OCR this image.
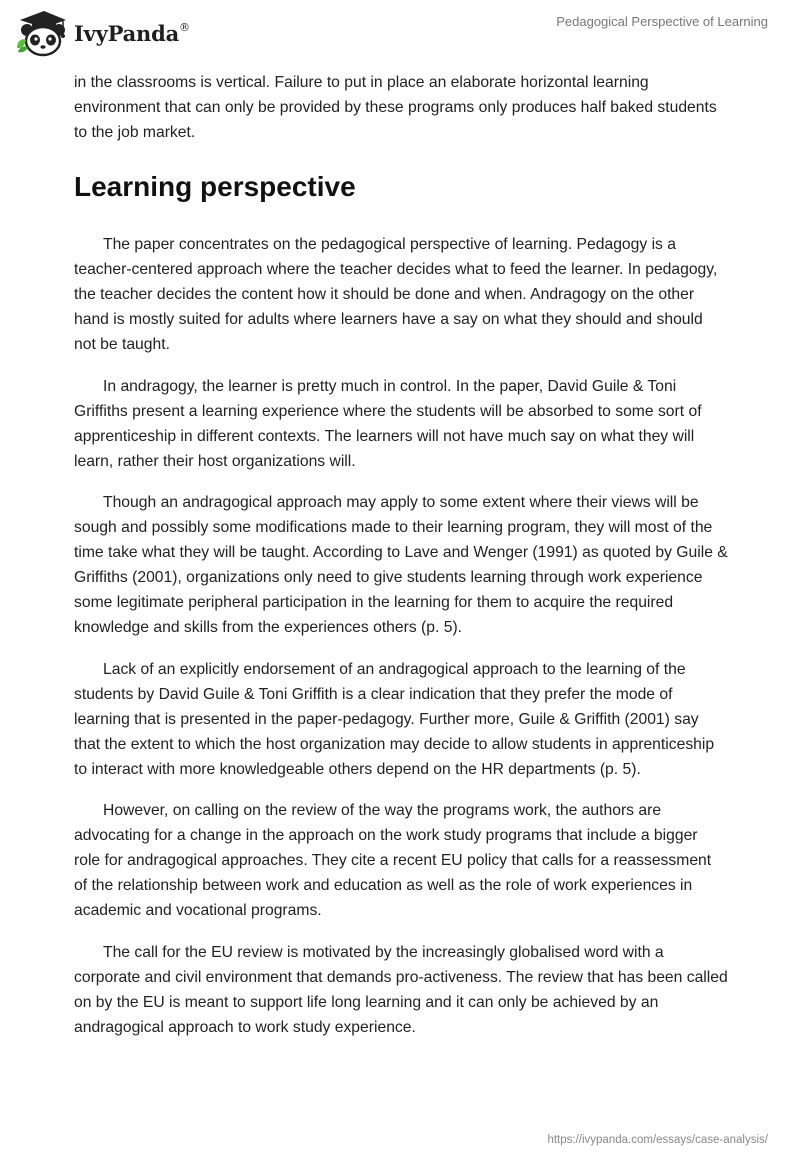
IvyPanda®	Pedagogical Perspective of Learning

in the classrooms is vertical. Failure to put in place an elaborate horizontal learning environment that can only be provided by these programs only produces half baked students to the job market.

Learning perspective

The paper concentrates on the pedagogical perspective of learning. Pedagogy is a teacher-centered approach where the teacher decides what to feed the learner. In pedagogy, the teacher decides the content how it should be done and when. Andragogy on the other hand is mostly suited for adults where learners have a say on what they should and should not be taught.

In andragogy, the learner is pretty much in control. In the paper, David Guile & Toni Griffiths present a learning experience where the students will be absorbed to some sort of apprenticeship in different contexts. The learners will not have much say on what they will learn, rather their host organizations will.

Though an andragogical approach may apply to some extent where their views will be sough and possibly some modifications made to their learning program, they will most of the time take what they will be taught. According to Lave and Wenger (1991) as quoted by Guile & Griffiths (2001), organizations only need to give students learning through work experience some legitimate peripheral participation in the learning for them to acquire the required knowledge and skills from the experiences others (p. 5).

Lack of an explicitly endorsement of an andragogical approach to the learning of the students by David Guile & Toni Griffith is a clear indication that they prefer the mode of learning that is presented in the paper-pedagogy. Further more, Guile & Griffith (2001) say that the extent to which the host organization may decide to allow students in apprenticeship to interact with more knowledgeable others depend on the HR departments (p. 5).

However, on calling on the review of the way the programs work, the authors are advocating for a change in the approach on the work study programs that include a bigger role for andragogical approaches. They cite a recent EU policy that calls for a reassessment of the relationship between work and education as well as the role of work experiences in academic and vocational programs.

The call for the EU review is motivated by the increasingly globalised word with a corporate and civil environment that demands pro-activeness. The review that has been called on by the EU is meant to support life long learning and it can only be achieved by an andragogical approach to work study experience.

https://ivypanda.com/essays/case-analysis/
